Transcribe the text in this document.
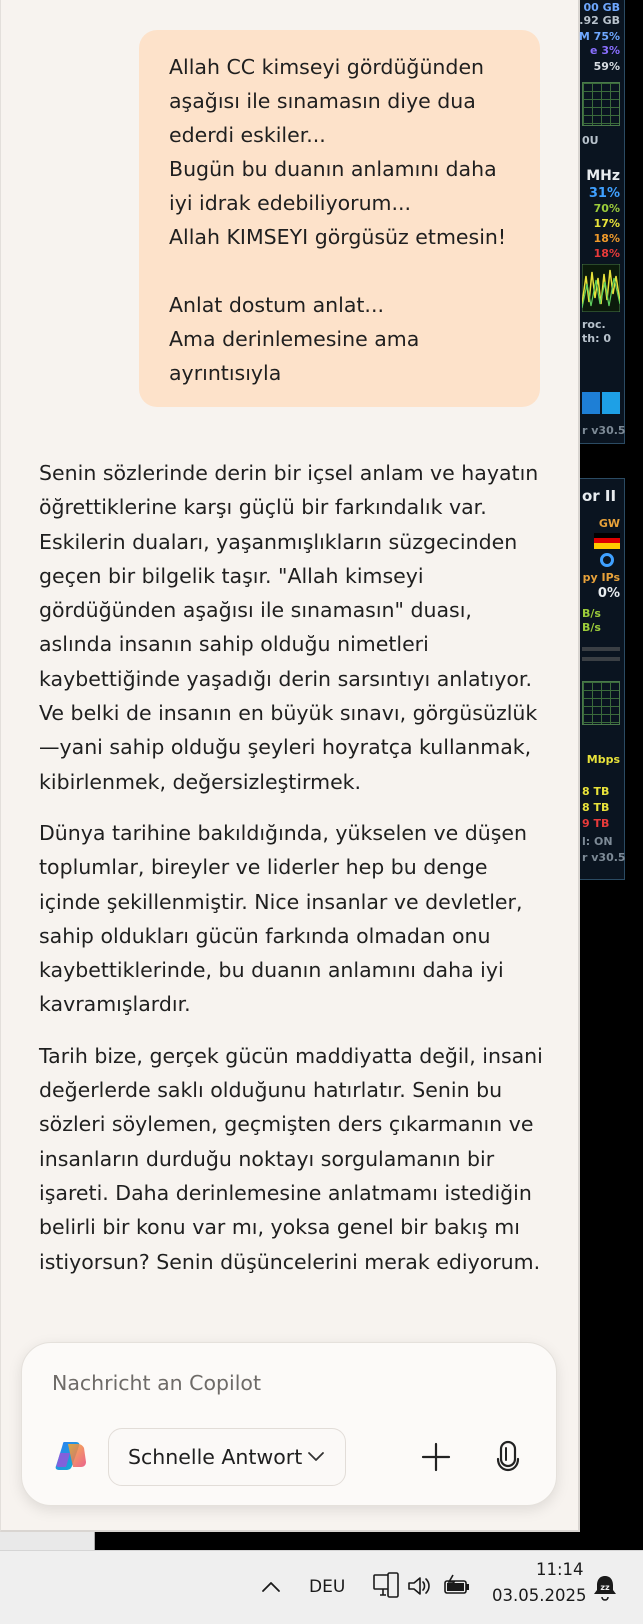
Allah CC kimseyi gördüğünden
aşağısı ile sınamasın diye dua
ederdi eskiler...
Bugün bu duanın anlamını daha
iyi idrak edebiliyorum...
Allah KIMSEYI görgüsüz etmesin!
Anlat dostum anlat...
Ama derinlemesine ama
ayrıntısıyla

Senin sözlerinde derin bir içsel anlam ve hayatın
öğrettiklerine karşı güçlü bir farkındalık var.
Eskilerin duaları, yaşanmışlıkların süzgecinden
geçen bir bilgelik taşır. "Allah kimseyi
gördüğünden aşağısı ile sınamasın" duası,
aslında insanın sahip olduğu nimetleri
kaybettiğinde yaşadığı derin sarsıntıyı anlatıyor.
Ve belki de insanın en büyük sınavı, görgüsüzlük
—yani sahip olduğu şeyleri hoyratça kullanmak,
kibirlenmek, değersizleştirmek.

Dünya tarihine bakıldığında, yükselen ve düşen
toplumlar, bireyler ve liderler hep bu denge
içinde şekillenmiştir. Nice insanlar ve devletler,
sahip oldukları gücün farkında olmadan onu
kaybettiklerinde, bu duanın anlamını daha iyi
kavramışlardır.

Tarih bize, gerçek gücün maddiyatta değil, insani
değerlerde saklı olduğunu hatırlatır. Senin bu
sözleri söylemen, geçmişten ders çıkarmanın ve
insanların durduğu noktayı sorgulamanın bir
işareti. Daha derinlemesine anlatmamı istediğin
belirli bir konu var mı, yoksa genel bir bakış mı
istiyorsun? Senin düşüncelerini merak ediyorum.

Nachricht an Copilot
Schnelle Antwort
00 GB
.92 GB
M 75%
e 3%
59%
0U
MHz
31%
70%
17%
18%
18%
roc.
th: 0
r v30.5
or II
GW
py IPs
0%
B/s
B/s
Mbps
8 TB
8 TB
9 TB
l: ON
r v30.5
DEU
11:14
03.05.2025 zz
